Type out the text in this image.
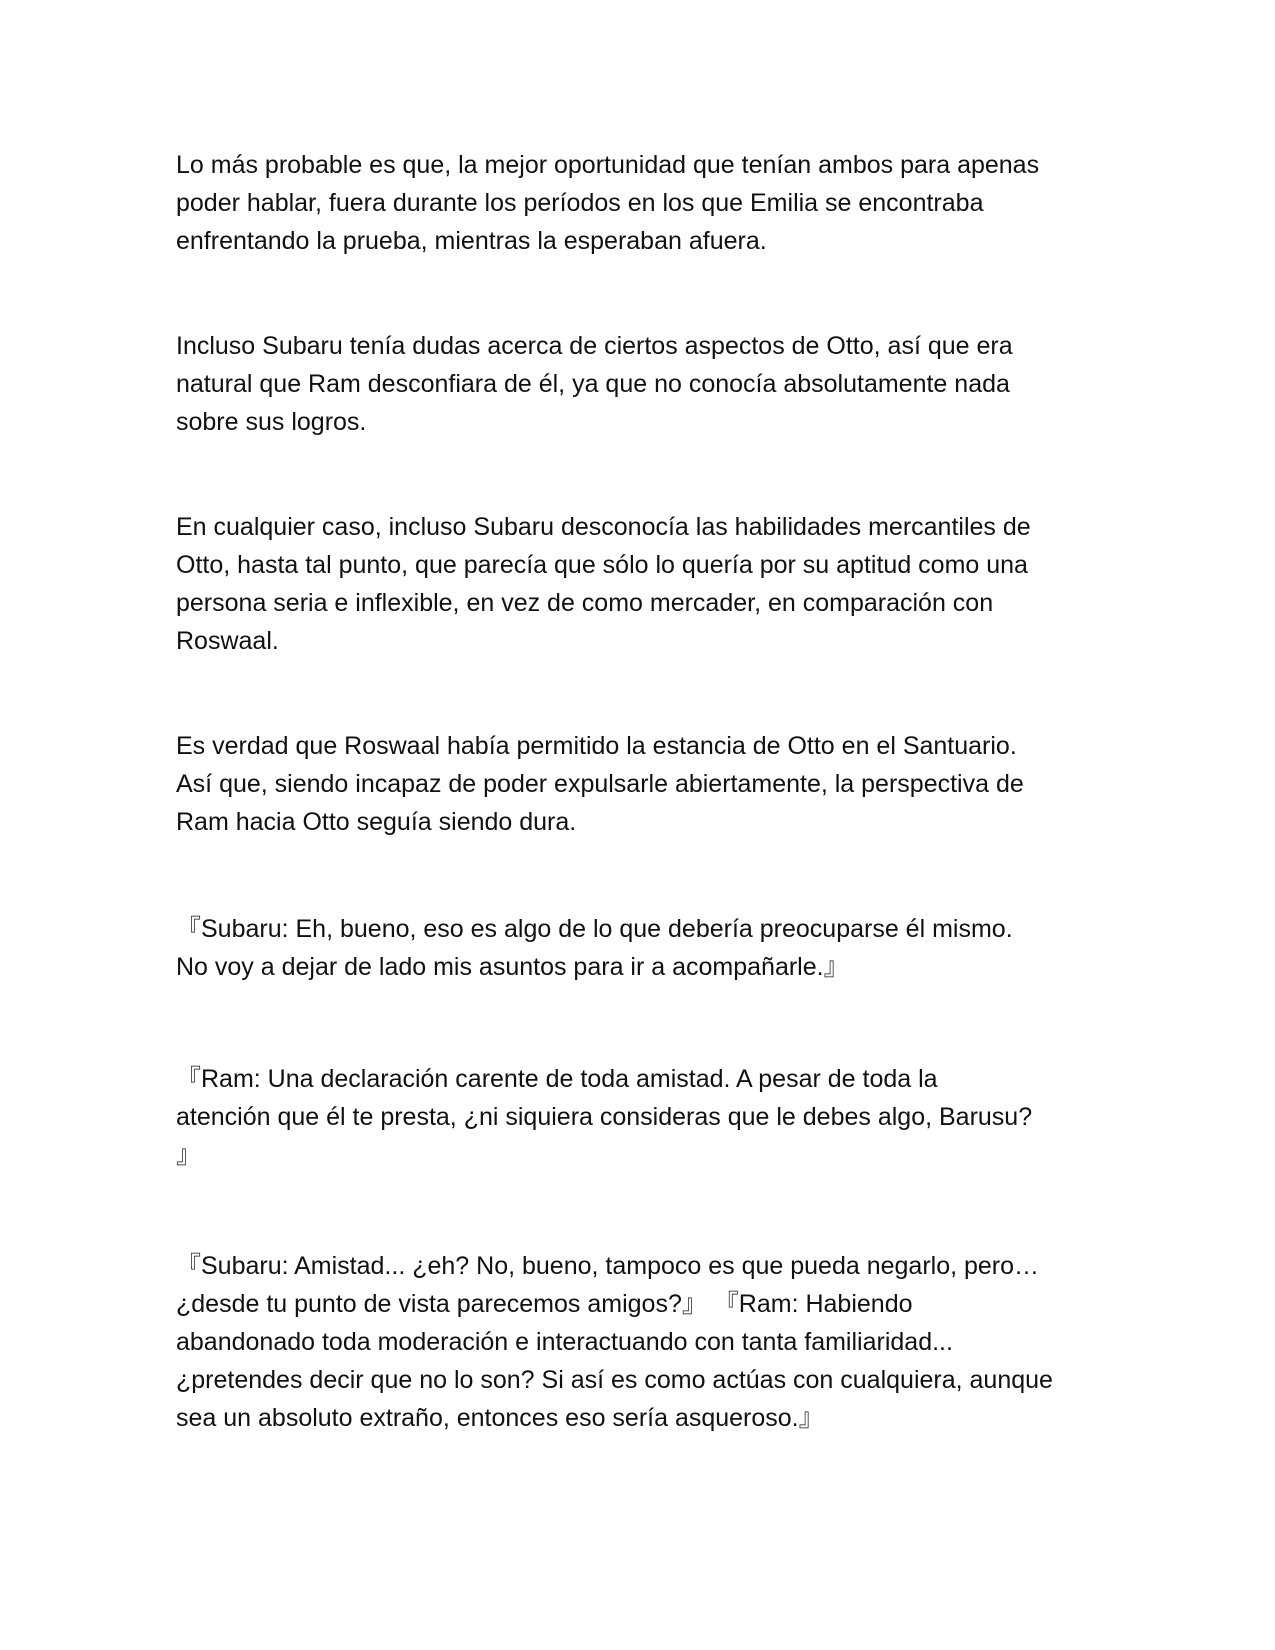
Lo más probable es que, la mejor oportunidad que tenían ambos para apenas
poder hablar, fuera durante los períodos en los que Emilia se encontraba
enfrentando la prueba, mientras la esperaban afuera.

Incluso Subaru tenía dudas acerca de ciertos aspectos de Otto, así que era
natural que Ram desconfiara de él, ya que no conocía absolutamente nada
sobre sus logros.

En cualquier caso, incluso Subaru desconocía las habilidades mercantiles de
Otto, hasta tal punto, que parecía que sólo lo quería por su aptitud como una
persona seria e inflexible, en vez de como mercader, en comparación con
Roswaal.

Es verdad que Roswaal había permitido la estancia de Otto en el Santuario.
Así que, siendo incapaz de poder expulsarle abiertamente, la perspectiva de
Ram hacia Otto seguía siendo dura.

『Subaru: Eh, bueno, eso es algo de lo que debería preocuparse él mismo.
No voy a dejar de lado mis asuntos para ir a acompañarle.』

『Ram: Una declaración carente de toda amistad. A pesar de toda la
atención que él te presta, ¿ni siquiera consideras que le debes algo, Barusu?
』

『Subaru: Amistad... ¿eh? No, bueno, tampoco es que pueda negarlo, pero…
¿desde tu punto de vista parecemos amigos?』 『Ram: Habiendo
abandonado toda moderación e interactuando con tanta familiaridad...
¿pretendes decir que no lo son? Si así es como actúas con cualquiera, aunque
sea un absoluto extraño, entonces eso sería asqueroso.』
